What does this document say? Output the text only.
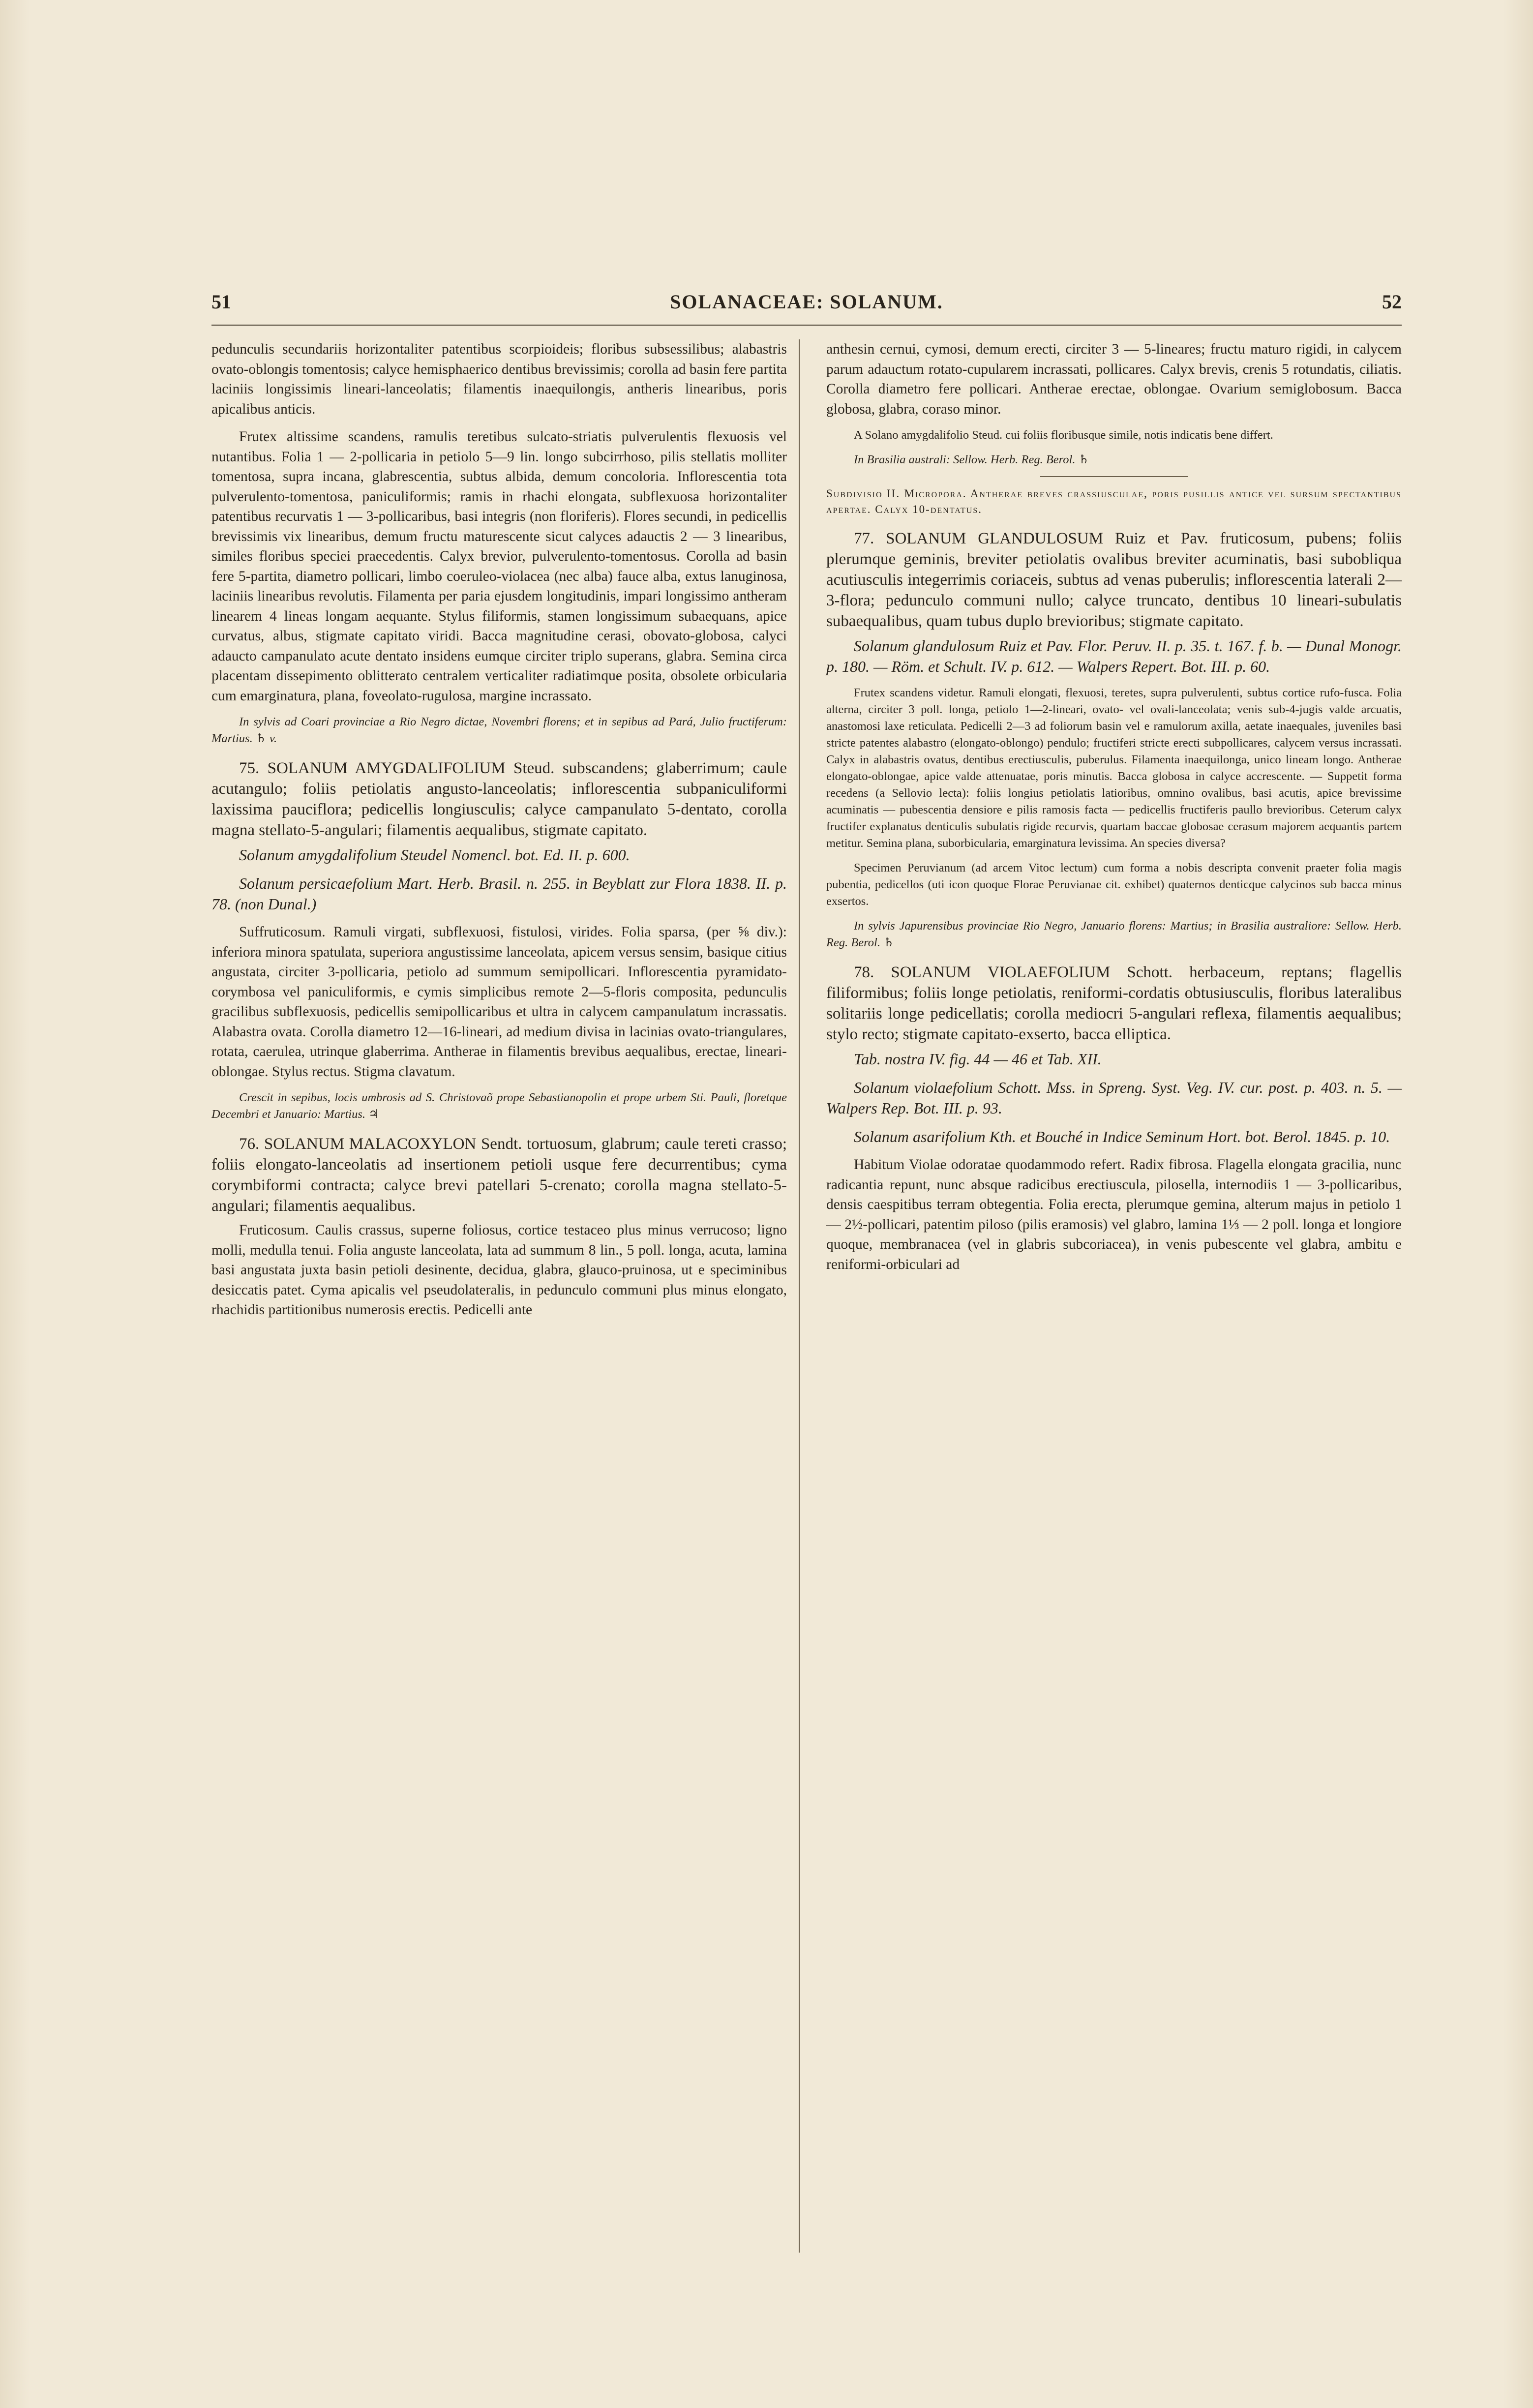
51	SOLANACEAE: SOLANUM.	52

pedunculis secundariis horizontaliter patentibus scorpioideis; floribus subsessilibus; alabastris ovato-oblongis tomentosis; calyce hemisphaerico dentibus brevissimis; corolla ad basin fere partita laciniis longissimis lineari-lanceolatis; filamentis inaequilongis, antheris linearibus, poris apicalibus anticis.

Frutex altissime scandens, ramulis teretibus sulcato-striatis pulverulentis flexuosis vel nutantibus. Folia 1 — 2-pollicaria in petiolo 5—9 lin. longo subcirrhoso, pilis stellatis molliter tomentosa, supra incana, glabrescentia, subtus albida, demum concoloria. Inflorescentia tota pulverulento-tomentosa, paniculiformis; ramis in rhachi elongata, subflexuosa horizontaliter patentibus recurvatis 1 — 3-pollicaribus, basi integris (non floriferis). Flores secundi, in pedicellis brevissimis vix linearibus, demum fructu maturescente sicut calyces adauctis 2 — 3 linearibus, similes floribus speciei praecedentis. Calyx brevior, pulverulento-tomentosus. Corolla ad basin fere 5-partita, diametro pollicari, limbo coeruleo-violacea (nec alba) fauce alba, extus lanuginosa, laciniis linearibus revolutis. Filamenta per paria ejusdem longitudinis, impari longissimo antheram linearem 4 lineas longam aequante. Stylus filiformis, stamen longissimum subaequans, apice curvatus, albus, stigmate capitato viridi. Bacca magnitudine cerasi, obovato-globosa, calyci adaucto campanulato acute dentato insidens eumque circiter triplo superans, glabra. Semina circa placentam dissepimento oblitterato centralem verticaliter radiatimque posita, obsolete orbicularia cum emarginatura, plana, foveolato-rugulosa, margine incrassato.

In sylvis ad Coari provinciae a Rio Negro dictae, Novembri florens; et in sepibus ad Pará, Julio fructiferum: Martius. ♄ v.

75. SOLANUM AMYGDALIFOLIUM Steud. subscandens; glaberrimum; caule acutangulo; foliis petiolatis angusto-lanceolatis; inflorescentia subpaniculiformi laxissima pauciflora; pedicellis longiusculis; calyce campanulato 5-dentato, corolla magna stellato-5-angulari; filamentis aequalibus, stigmate capitato.

Solanum amygdalifolium Steudel Nomencl. bot. Ed. II. p. 600.

Solanum persicaefolium Mart. Herb. Brasil. n. 255. in Beyblatt zur Flora 1838. II. p. 78. (non Dunal.)

Suffruticosum. Ramuli virgati, subflexuosi, fistulosi, virides. Folia sparsa, (per ⅝ div.): inferiora minora spatulata, superiora angustissime lanceolata, apicem versus sensim, basique citius angustata, circiter 3-pollicaria, petiolo ad summum semipollicari. Inflorescentia pyramidato-corymbosa vel paniculiformis, e cymis simplicibus remote 2—5-floris composita, pedunculis gracilibus subflexuosis, pedicellis semipollicaribus et ultra in calycem campanulatum incrassatis. Alabastra ovata. Corolla diametro 12—16-lineari, ad medium divisa in lacinias ovato-triangulares, rotata, caerulea, utrinque glaberrima. Antherae in filamentis brevibus aequalibus, erectae, lineari-oblongae. Stylus rectus. Stigma clavatum.

Crescit in sepibus, locis umbrosis ad S. Christovaõ prope Sebastianopolin et prope urbem Sti. Pauli, floretque Decembri et Januario: Martius. ♃

76. SOLANUM MALACOXYLON Sendt. tortuosum, glabrum; caule tereti crasso; foliis elongato-lanceolatis ad insertionem petioli usque fere decurrentibus; cyma corymbiformi contracta; calyce brevi patellari 5-crenato; corolla magna stellato-5-angulari; filamentis aequalibus.

Fruticosum. Caulis crassus, superne foliosus, cortice testaceo plus minus verrucoso; ligno molli, medulla tenui. Folia anguste lanceolata, lata ad summum 8 lin., 5 poll. longa, acuta, lamina basi angustata juxta basin petioli desinente, decidua, glabra, glauco-pruinosa, ut e speciminibus desiccatis patet. Cyma apicalis vel pseudolateralis, in pedunculo communi plus minus elongato, rhachidis partitionibus numerosis erectis. Pedicelli ante

anthesin cernui, cymosi, demum erecti, circiter 3 — 5-lineares; fructu maturo rigidi, in calycem parum adauctum rotato-cupularem incrassati, pollicares. Calyx brevis, crenis 5 rotundatis, ciliatis. Corolla diametro fere pollicari. Antherae erectae, oblongae. Ovarium semiglobosum. Bacca globosa, glabra, coraso minor.

A Solano amygdalifolio Steud. cui foliis floribusque simile, notis indicatis bene differt.

In Brasilia australi: Sellow. Herb. Reg. Berol. ♄

Subdivisio II. Micropora. Antherae breves crassiusculae, poris pusillis antice vel sursum spectantibus apertae. Calyx 10-dentatus.

77. SOLANUM GLANDULOSUM Ruiz et Pav. fruticosum, pubens; foliis plerumque geminis, breviter petiolatis ovalibus breviter acuminatis, basi subobliqua acutiusculis integerrimis coriaceis, subtus ad venas puberulis; inflorescentia laterali 2—3-flora; pedunculo communi nullo; calyce truncato, dentibus 10 lineari-subulatis subaequalibus, quam tubus duplo brevioribus; stigmate capitato.

Solanum glandulosum Ruiz et Pav. Flor. Peruv. II. p. 35. t. 167. f. b. — Dunal Monogr. p. 180. — Röm. et Schult. IV. p. 612. — Walpers Repert. Bot. III. p. 60.

Frutex scandens videtur. Ramuli elongati, flexuosi, teretes, supra pulverulenti, subtus cortice rufo-fusca. Folia alterna, circiter 3 poll. longa, petiolo 1—2-lineari, ovato- vel ovali-lanceolata; venis sub-4-jugis valde arcuatis, anastomosi laxe reticulata. Pedicelli 2—3 ad foliorum basin vel e ramulorum axilla, aetate inaequales, juveniles basi stricte patentes alabastro (elongato-oblongo) pendulo; fructiferi stricte erecti subpollicares, calycem versus incrassati. Calyx in alabastris ovatus, dentibus erectiusculis, puberulus. Filamenta inaequilonga, unico lineam longo. Antherae elongato-oblongae, apice valde attenuatae, poris minutis. Bacca globosa in calyce accrescente. — Suppetit forma recedens (a Sellovio lecta): foliis longius petiolatis latioribus, omnino ovalibus, basi acutis, apice brevissime acuminatis — pubescentia densiore e pilis ramosis facta — pedicellis fructiferis paullo brevioribus. Ceterum calyx fructifer explanatus denticulis subulatis rigide recurvis, quartam baccae globosae cerasum majorem aequantis partem metitur. Semina plana, suborbicularia, emarginatura levissima. An species diversa?

Specimen Peruvianum (ad arcem Vitoc lectum) cum forma a nobis descripta convenit praeter folia magis pubentia, pedicellos (uti icon quoque Florae Peruvianae cit. exhibet) quaternos denticque calycinos sub bacca minus exsertos.

In sylvis Japurensibus provinciae Rio Negro, Januario florens: Martius; in Brasilia australiore: Sellow. Herb. Reg. Berol. ♄

78. SOLANUM VIOLAEFOLIUM Schott. herbaceum, reptans; flagellis filiformibus; foliis longe petiolatis, reniformi-cordatis obtusiusculis, floribus lateralibus solitariis longe pedicellatis; corolla mediocri 5-angulari reflexa, filamentis aequalibus; stylo recto; stigmate capitato-exserto, bacca elliptica.

Tab. nostra IV. fig. 44 — 46 et Tab. XII.

Solanum violaefolium Schott. Mss. in Spreng. Syst. Veg. IV. cur. post. p. 403. n. 5. — Walpers Rep. Bot. III. p. 93.

Solanum asarifolium Kth. et Bouché in Indice Seminum Hort. bot. Berol. 1845. p. 10.

Habitum Violae odoratae quodammodo refert. Radix fibrosa. Flagella elongata gracilia, nunc radicantia repunt, nunc absque radicibus erectiuscula, pilosella, internodiis 1 — 3-pollicaribus, densis caespitibus terram obtegentia. Folia erecta, plerumque gemina, alterum majus in petiolo 1 — 2½-pollicari, patentim piloso (pilis eramosis) vel glabro, lamina 1⅓ — 2 poll. longa et longiore quoque, membranacea (vel in glabris subcoriacea), in venis pubescente vel glabra, ambitu e reniformi-orbiculari ad
